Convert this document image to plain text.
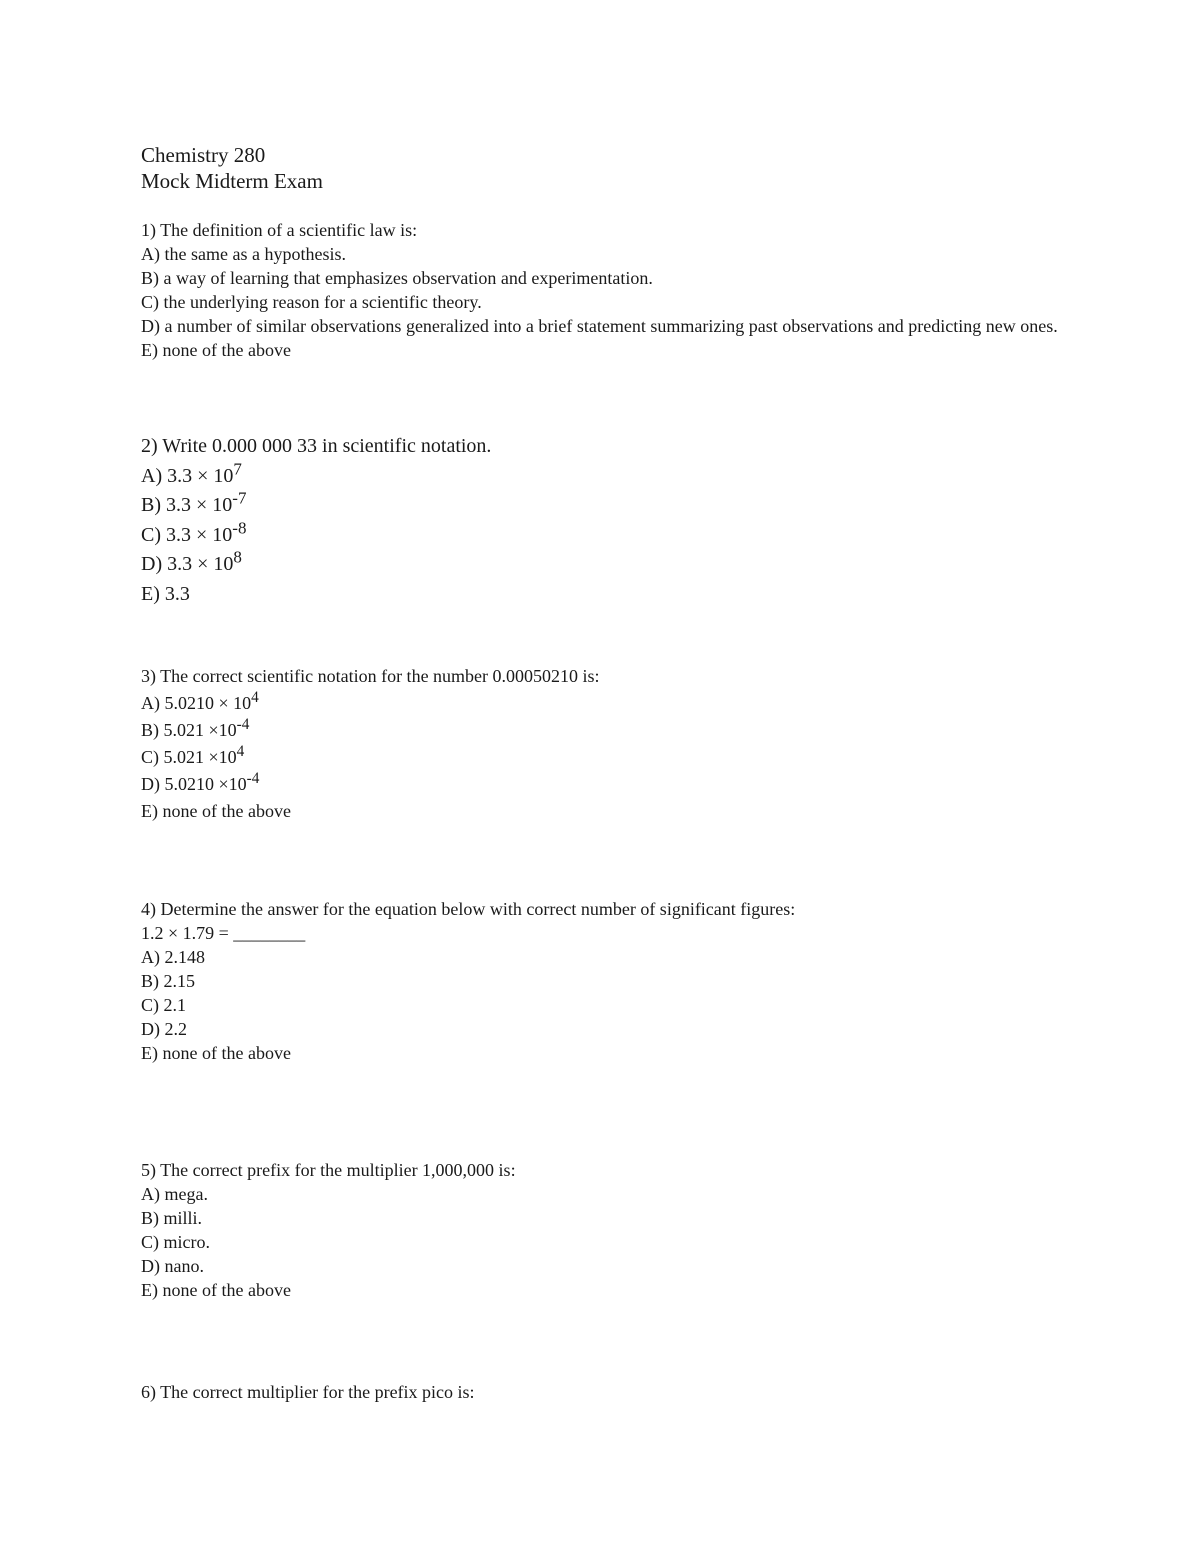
Chemistry 280
Mock Midterm Exam
1) The definition of a scientific law is:
A) the same as a hypothesis.
B) a way of learning that emphasizes observation and experimentation.
C) the underlying reason for a scientific theory.
D) a number of similar observations generalized into a brief statement summarizing past observations and predicting new ones.
E) none of the above
2) Write 0.000 000 33 in scientific notation.
A) $3.3 \times 10^7$
B) $3.3 \times 10^{-7}$
C) $3.3 \times 10^{-8}$
D) $3.3 \times 10^8$
E) 3.3
3) The correct scientific notation for the number 0.00050210 is:
A) $5.0210 \times 10^4$
B) $5.021 \times 10^{-4}$
C) $5.021 \times 10^4$
D) $5.0210 \times 10^{-4}$
E) none of the above
4) Determine the answer for the equation below with correct number of significant figures:
1.2 × 1.79 = ________
A) 2.148
B) 2.15
C) 2.1
D) 2.2
E) none of the above
5) The correct prefix for the multiplier 1,000,000 is:
A) mega.
B) milli.
C) micro.
D) nano.
E) none of the above
6) The correct multiplier for the prefix pico is:
